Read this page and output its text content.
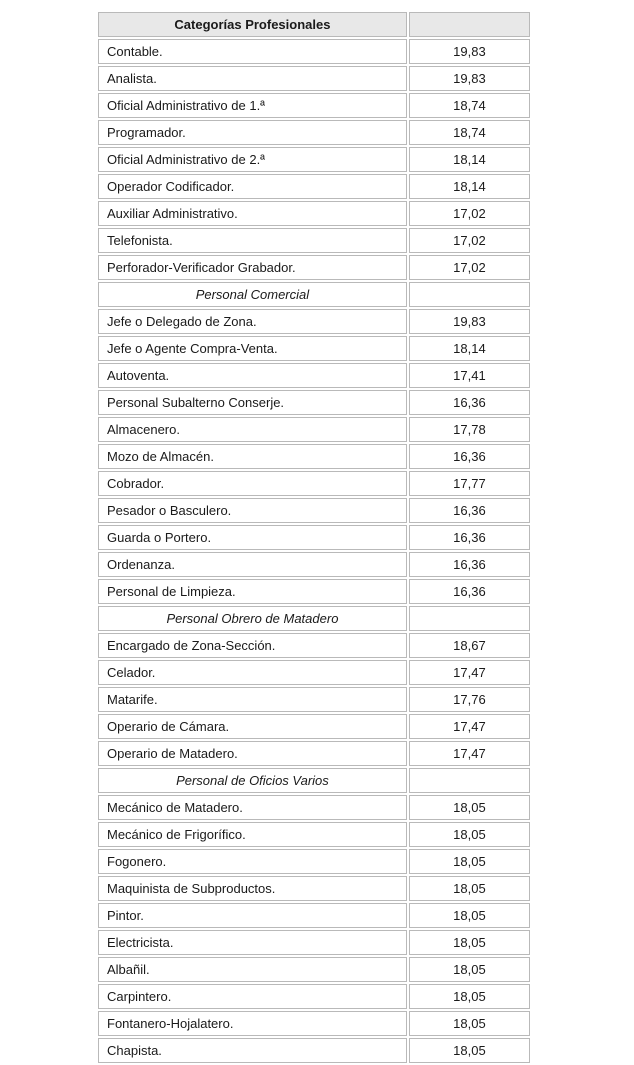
Categorías Profesionales	
Contable.	19,83
Analista.	19,83
Oficial Administrativo de 1.ª	18,74
Programador.	18,74
Oficial Administrativo de 2.ª	18,14
Operador Codificador.	18,14
Auxiliar Administrativo.	17,02
Telefonista.	17,02
Perforador-Verificador Grabador.	17,02
Personal Comercial	
Jefe o Delegado de Zona.	19,83
Jefe o Agente Compra-Venta.	18,14
Autoventa.	17,41
Personal Subalterno Conserje.	16,36
Almacenero.	17,78
Mozo de Almacén.	16,36
Cobrador.	17,77
Pesador o Basculero.	16,36
Guarda o Portero.	16,36
Ordenanza.	16,36
Personal de Limpieza.	16,36
Personal Obrero de Matadero	
Encargado de Zona-Sección.	18,67
Celador.	17,47
Matarife.	17,76
Operario de Cámara.	17,47
Operario de Matadero.	17,47
Personal de Oficios Varios	
Mecánico de Matadero.	18,05
Mecánico de Frigorífico.	18,05
Fogonero.	18,05
Maquinista de Subproductos.	18,05
Pintor.	18,05
Electricista.	18,05
Albañil.	18,05
Carpintero.	18,05
Fontanero-Hojalatero.	18,05
Chapista.	18,05
